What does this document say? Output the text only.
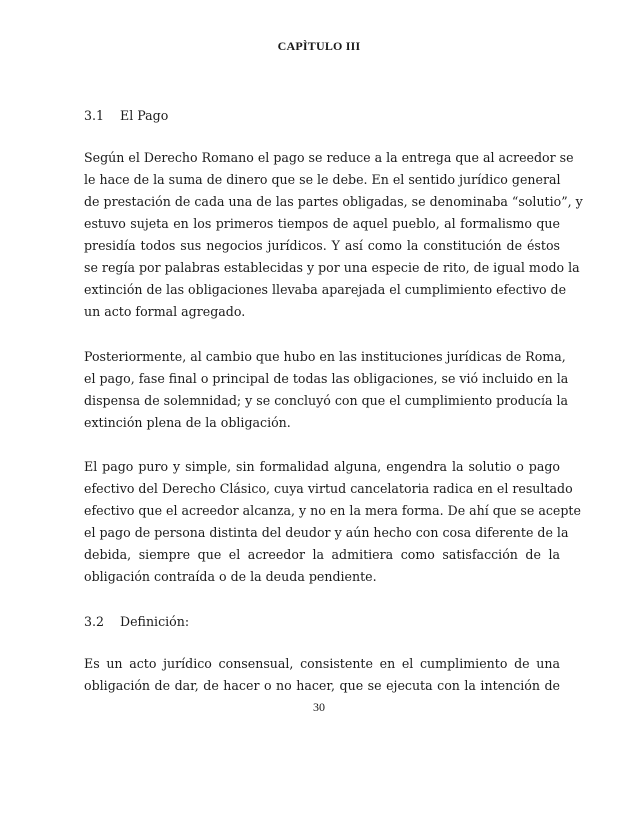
CAPÌTULO III
3.1 El Pago
Según el Derecho Romano el pago se reduce a la entrega que al acreedor se
le hace de la suma de dinero que se le debe. En el sentido jurídico general
de prestación de cada una de las partes obligadas, se denominaba “solutio”, y
estuvo sujeta en los primeros tiempos de aquel pueblo, al formalismo que
presidía todos sus negocios jurídicos. Y así como la constitución de éstos
se regía por palabras establecidas y por una especie de rito, de igual modo la
extinción de las obligaciones llevaba aparejada el cumplimiento efectivo de
un acto formal agregado.
Posteriormente, al cambio que hubo en las instituciones jurídicas de Roma,
el pago, fase final o principal de todas las obligaciones, se vió incluido en la
dispensa de solemnidad; y se concluyó con que el cumplimiento producía la
extinción plena de la obligación.
El pago puro y simple, sin formalidad alguna, engendra la solutio o pago
efectivo del Derecho Clásico, cuya virtud cancelatoria radica en el resultado
efectivo que el acreedor alcanza, y no en la mera forma. De ahí que se acepte
el pago de persona distinta del deudor y aún hecho con cosa diferente de la
debida, siempre que el acreedor la admitiera como satisfacción de la
obligación contraída o de la deuda pendiente.
3.2 Definición:
Es un acto jurídico consensual, consistente en el cumplimiento de una
obligación de dar, de hacer o no hacer, que se ejecuta con la intención de
30
